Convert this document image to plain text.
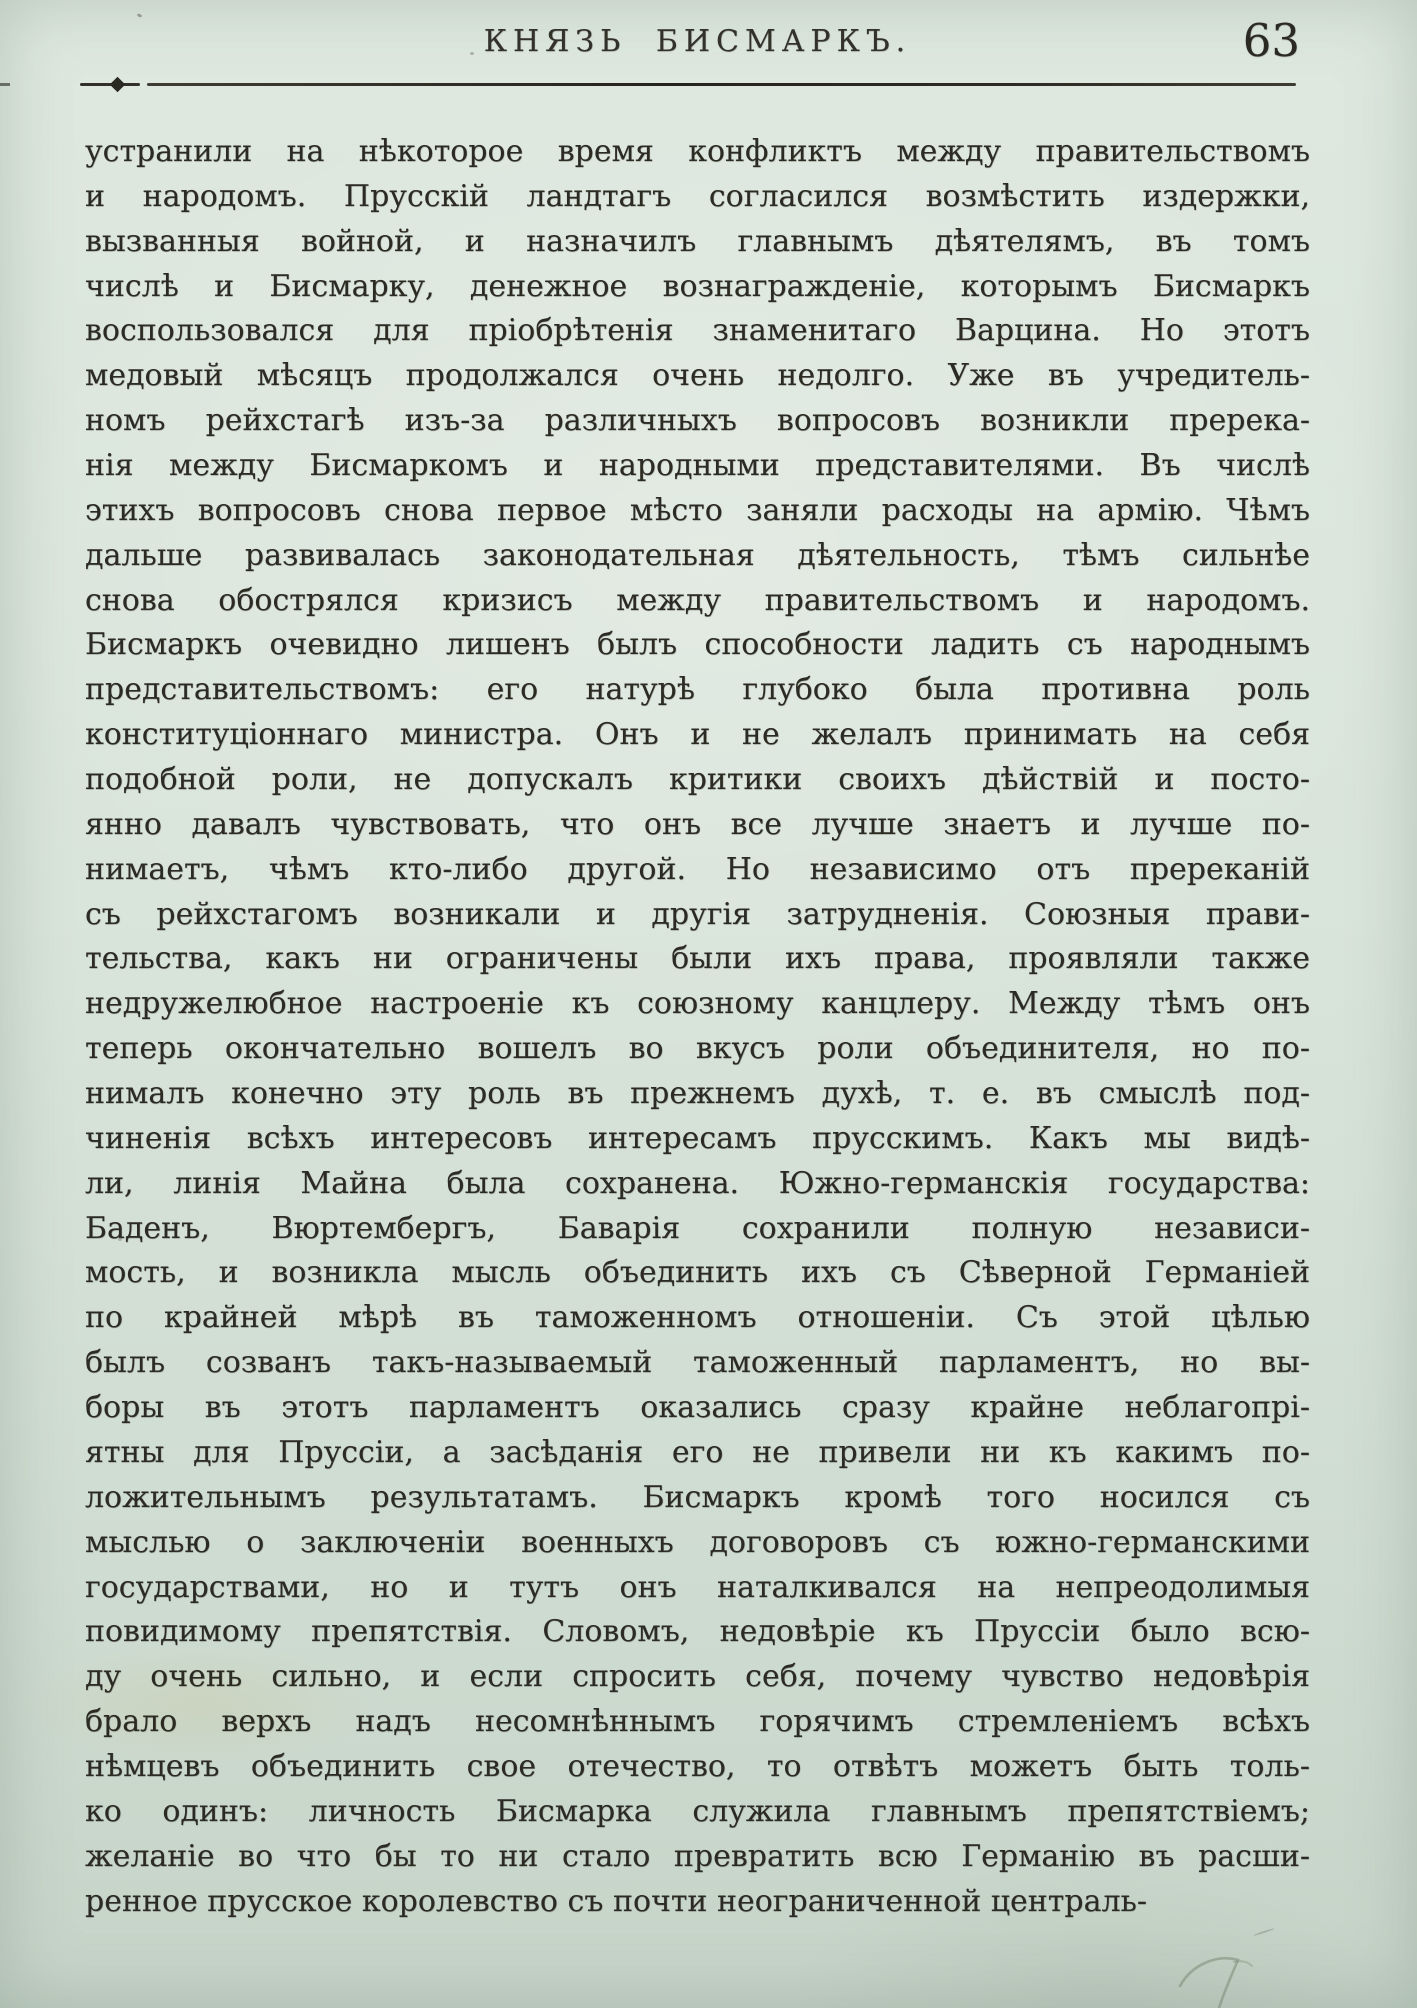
КНЯЗЬ БИСМАРКЪ.	63
устранили на нѣкоторое время конфликтъ между правительствомъ
и народомъ. Прусскій ландтагъ согласился возмѣстить издержки,
вызванныя войной, и назначилъ главнымъ дѣятелямъ, въ томъ
числѣ и Бисмарку, денежное вознагражденіе, которымъ Бисмаркъ
воспользовался для пріобрѣтенія знаменитаго Варцина. Но этотъ
медовый мѣсяцъ продолжался очень недолго. Уже въ учредитель-
номъ рейхстагѣ изъ-за различныхъ вопросовъ возникли пререка-
нія между Бисмаркомъ и народными представителями. Въ числѣ
этихъ вопросовъ снова первое мѣсто заняли расходы на армію. Чѣмъ
дальше развивалась законодательная дѣятельность, тѣмъ сильнѣе
снова обострялся кризисъ между правительствомъ и народомъ.
Бисмаркъ очевидно лишенъ былъ способности ладить съ народнымъ
представительствомъ: его натурѣ глубоко была противна роль
конституціоннаго министра. Онъ и не желалъ принимать на себя
подобной роли, не допускалъ критики своихъ дѣйствій и посто-
янно давалъ чувствовать, что онъ все лучше знаетъ и лучше по-
нимаетъ, чѣмъ кто-либо другой. Но независимо отъ пререканій
съ рейхстагомъ возникали и другія затрудненія. Союзныя прави-
тельства, какъ ни ограничены были ихъ права, проявляли также
недружелюбное настроеніе къ союзному канцлеру. Между тѣмъ онъ
теперь окончательно вошелъ во вкусъ роли объединителя, но по-
нималъ конечно эту роль въ прежнемъ духѣ, т. е. въ смыслѣ под-
чиненія всѣхъ интересовъ интересамъ прусскимъ. Какъ мы видѣ-
ли, линія Майна была сохранена. Южно-германскія государства:
Баденъ, Вюртембергъ, Баварія сохранили полную независи-
мость, и возникла мысль объединить ихъ съ Сѣверной Германіей
по крайней мѣрѣ въ таможенномъ отношеніи. Съ этой цѣлью
былъ созванъ такъ-называемый таможенный парламентъ, но вы-
боры въ этотъ парламентъ оказались сразу крайне неблагопрі-
ятны для Пруссіи, а засѣданія его не привели ни къ какимъ по-
ложительнымъ результатамъ. Бисмаркъ кромѣ того носился съ
мыслью о заключеніи военныхъ договоровъ съ южно-германскими
государствами, но и тутъ онъ наталкивался на непреодолимыя
повидимому препятствія. Словомъ, недовѣріе къ Пруссіи было всю-
ду очень сильно, и если спросить себя, почему чувство недовѣрія
брало верхъ надъ несомнѣннымъ горячимъ стремленіемъ всѣхъ
нѣмцевъ объединить свое отечество, то отвѣтъ можетъ быть толь-
ко одинъ: личность Бисмарка служила главнымъ препятствіемъ;
желаніе во что бы то ни стало превратить всю Германію въ расши-
ренное прусское королевство съ почти неограниченной централь-
